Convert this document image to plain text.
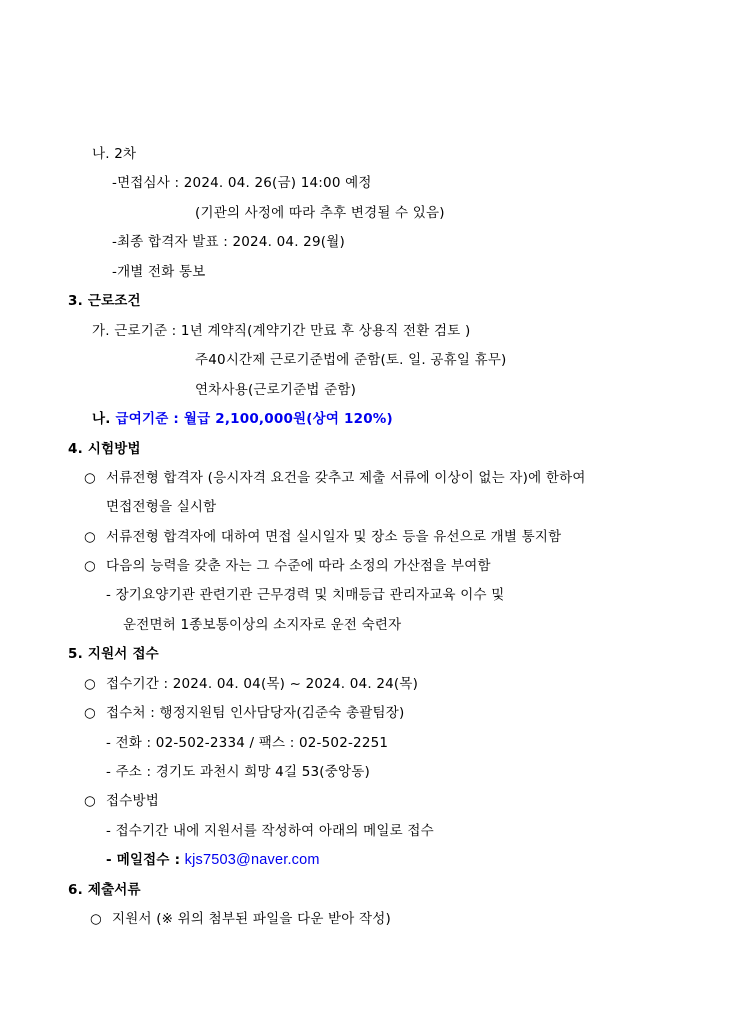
나. 2차
-면접심사 : 2024. 04. 26(금) 14:00 예정
(기관의 사정에 따라 추후 변경될 수 있음)
-최종 합격자 발표 : 2024. 04. 29(월)
-개별 전화 통보
3. 근로조건
가. 근로기준 : 1년 계약직(계약기간 만료 후 상용직 전환 검토 )
주40시간제 근로기준법에 준함(토. 일. 공휴일 휴무)
연차사용(근로기준법 준함)
나. 급여기준 : 월급 2,100,000원(상여 120%)
4. 시험방법
○ 서류전형 합격자 (응시자격 요건을 갖추고 제출 서류에 이상이 없는 자)에 한하여
면접전형을 실시함
○ 서류전형 합격자에 대하여 면접 실시일자 및 장소 등을 유선으로 개별 통지함
○ 다음의 능력을 갖춘 자는 그 수준에 따라 소정의 가산점을 부여함
- 장기요양기관 관련기관 근무경력 및 치매등급 관리자교육 이수 및
운전면허 1종보통이상의 소지자로 운전 숙련자
5. 지원서 접수
○ 접수기간 : 2024. 04. 04(목) ~ 2024. 04. 24(목)
○ 접수처 : 행정지원팀 인사담당자(김준숙 총괄팀장)
- 전화 : 02-502-2334 / 팩스 : 02-502-2251
- 주소 : 경기도 과천시 희망 4길 53(중앙동)
○ 접수방법
- 접수기간 내에 지원서를 작성하여 아래의 메일로 접수
- 메일접수 : kjs7503@naver.com
6. 제출서류
○ 지원서 (※ 위의 첨부된 파일을 다운 받아 작성)
